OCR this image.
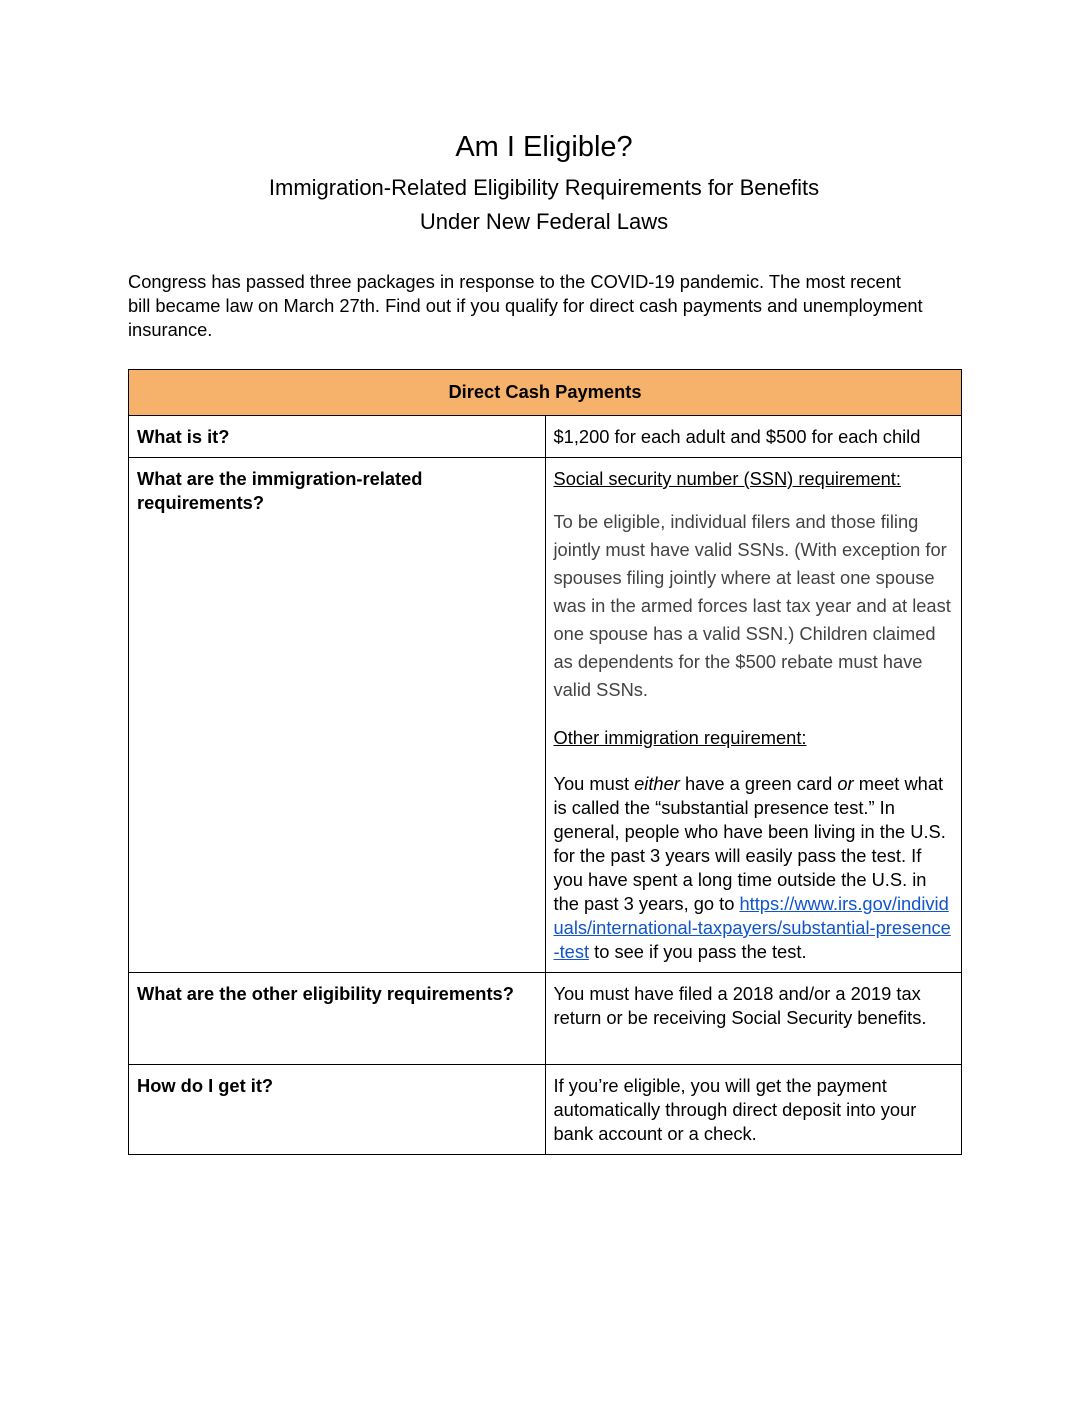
Am I Eligible?
Immigration-Related Eligibility Requirements for Benefits
Under New Federal Laws

Congress has passed three packages in response to the COVID-19 pandemic. The most recent bill became law on March 27th. Find out if you qualify for direct cash payments and unemployment insurance.

Direct Cash Payments	
What is it?	$1,200 for each adult and $500 for each child
What are the immigration-related requirements?	Social security number (SSN) requirement:

To be eligible, individual filers and those filing jointly must have valid SSNs. (With exception for spouses filing jointly where at least one spouse was in the armed forces last tax year and at least one spouse has a valid SSN.) Children claimed as dependents for the $500 rebate must have valid SSNs.

Other immigration requirement:

You must either have a green card or meet what is called the “substantial presence test.” In general, people who have been living in the U.S. for the past 3 years will easily pass the test. If you have spent a long time outside the U.S. in the past 3 years, go to https://www.irs.gov/individuals/international-taxpayers/substantial-presence-test to see if you pass the test.

What are the other eligibility requirements?	You must have filed a 2018 and/or a 2019 tax return or be receiving Social Security benefits.
How do I get it?	If you’re eligible, you will get the payment automatically through direct deposit into your bank account or a check.
